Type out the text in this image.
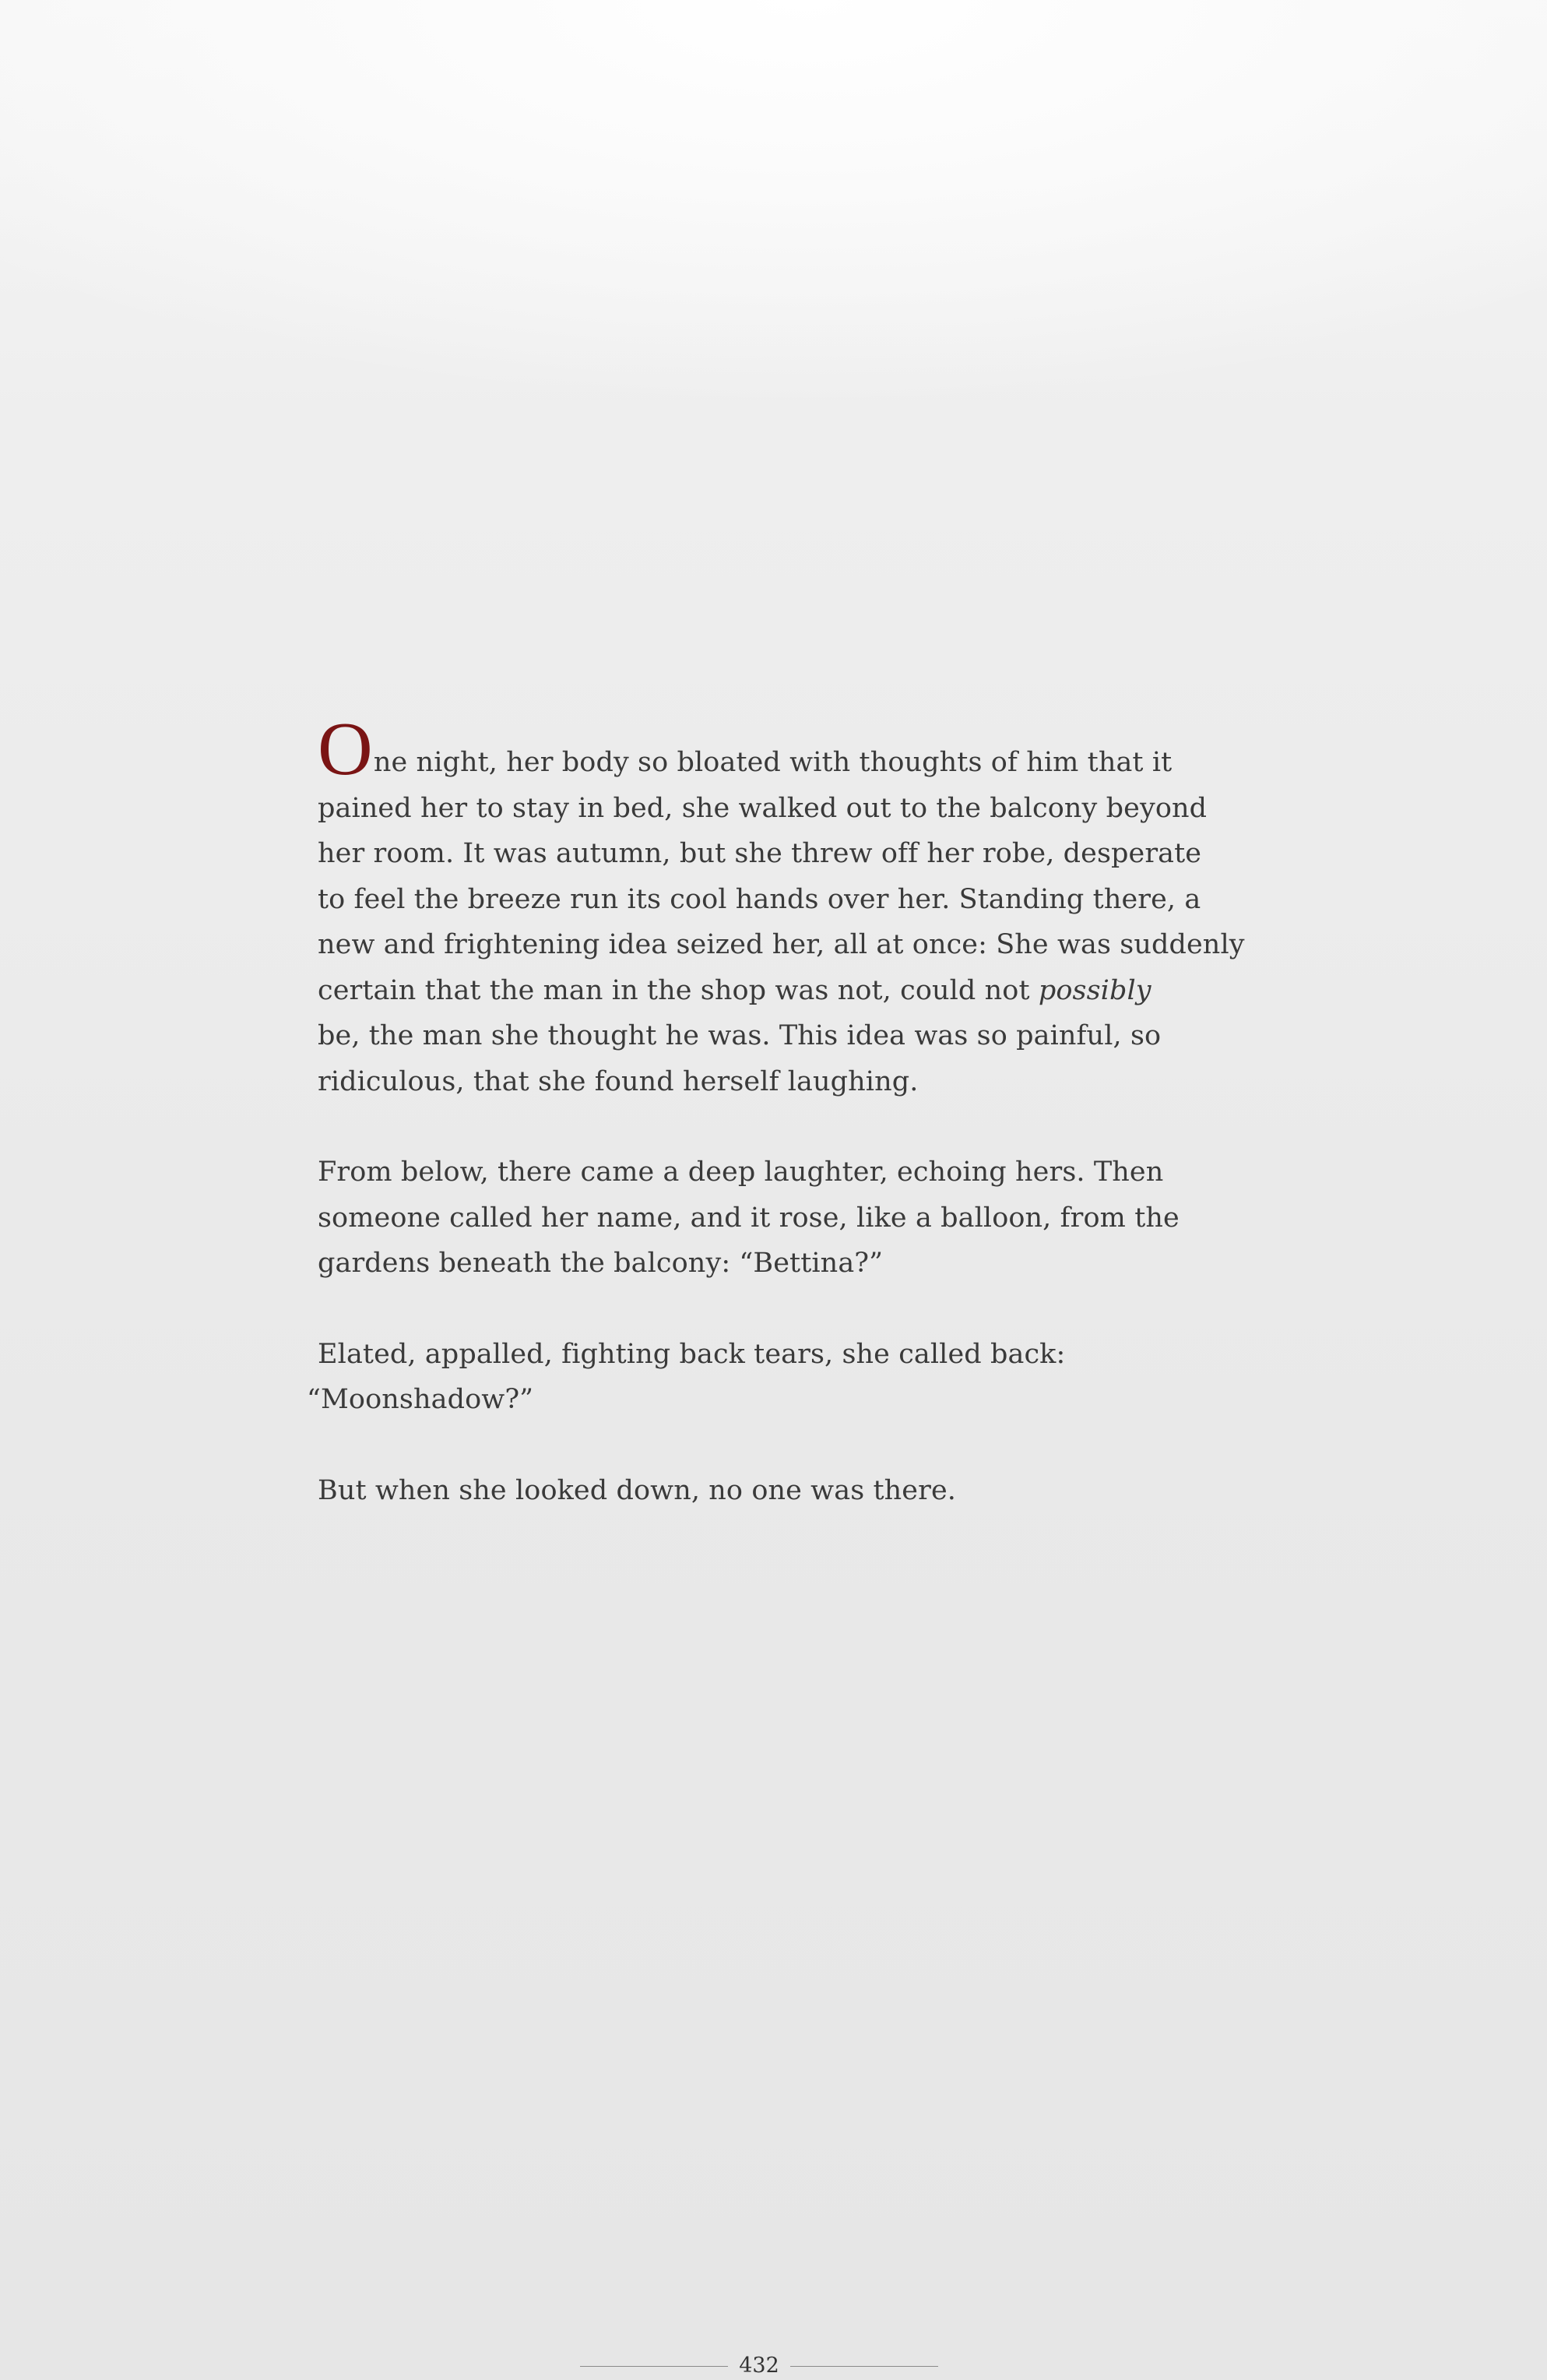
One night, her body so bloated with thoughts of him that it
pained her to stay in bed, she walked out to the balcony beyond
her room. It was autumn, but she threw off her robe, desperate
to feel the breeze run its cool hands over her. Standing there, a
new and frightening idea seized her, all at once: She was suddenly
certain that the man in the shop was not, could not possibly
be, the man she thought he was. This idea was so painful, so
ridiculous, that she found herself laughing.

From below, there came a deep laughter, echoing hers. Then
someone called her name, and it rose, like a balloon, from the
gardens beneath the balcony: “Bettina?”

Elated, appalled, fighting back tears, she called back:
“Moonshadow?”

But when she looked down, no one was there.

432
